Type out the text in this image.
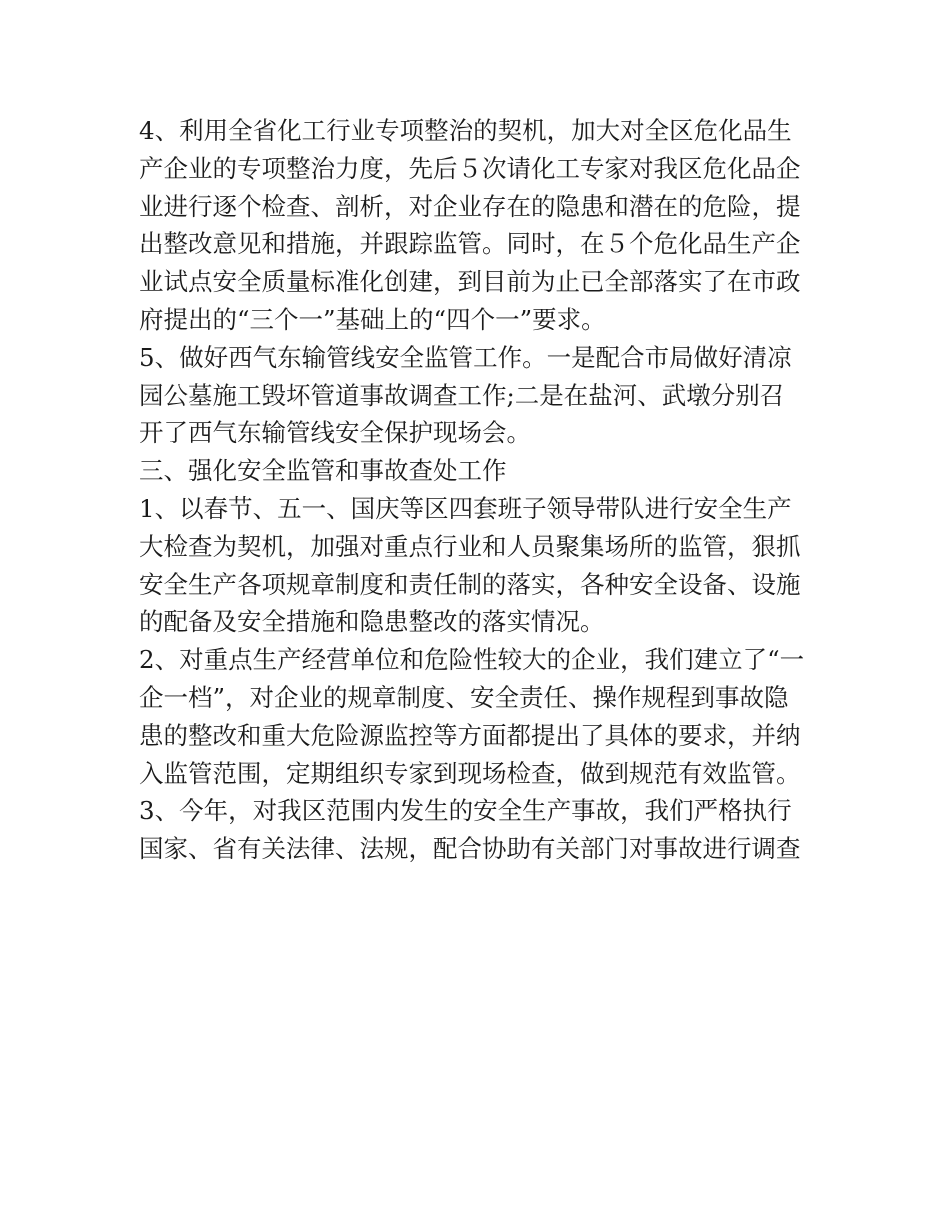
4、利用全省化工行业专项整治的契机，加大对全区危化品生

产企业的专项整治力度，先后５次请化工专家对我区危化品企

业进行逐个检查、剖析，对企业存在的隐患和潜在的危险，提

出整改意见和措施，并跟踪监管。同时，在５个危化品生产企

业试点安全质量标准化创建，到目前为止已全部落实了在市政

府提出的“三个一”基础上的“四个一”要求。

5、做好西气东输管线安全监管工作。一是配合市局做好清凉

园公墓施工毁坏管道事故调查工作;二是在盐河、武墩分别召

开了西气东输管线安全保护现场会。

三、强化安全监管和事故查处工作

1、以春节、五一、国庆等区四套班子领导带队进行安全生产

大检查为契机，加强对重点行业和人员聚集场所的监管，狠抓

安全生产各项规章制度和责任制的落实，各种安全设备、设施

的配备及安全措施和隐患整改的落实情况。

2、对重点生产经营单位和危险性较大的企业，我们建立了“一

企一档”，对企业的规章制度、安全责任、操作规程到事故隐

患的整改和重大危险源监控等方面都提出了具体的要求，并纳

入监管范围，定期组织专家到现场检查，做到规范有效监管。

3、今年，对我区范围内发生的安全生产事故，我们严格执行

国家、省有关法律、法规，配合协助有关部门对事故进行调查
